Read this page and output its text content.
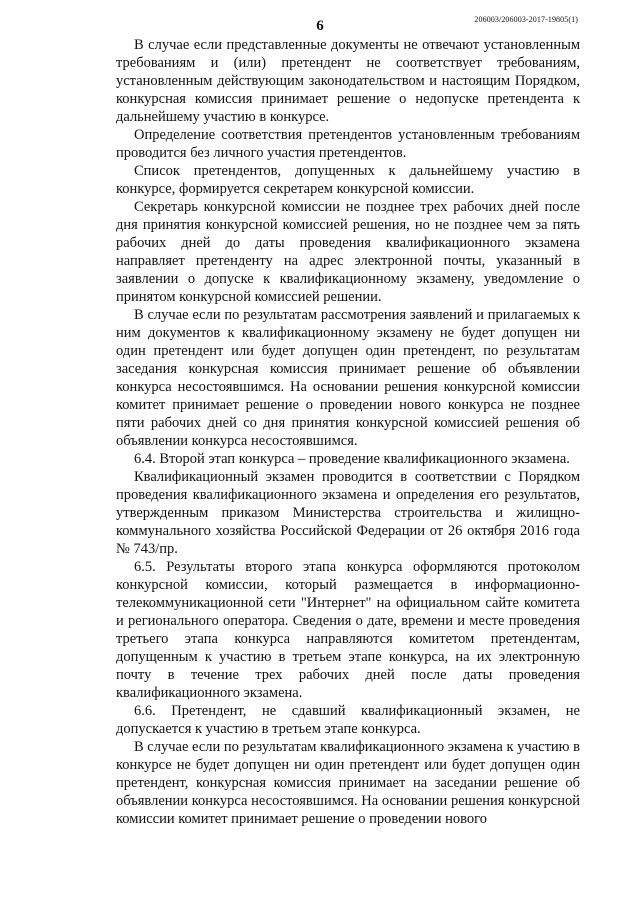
6	206003/206003-2017-19805(1)

В случае если представленные документы не отвечают установленным требованиям и (или) претендент не соответствует требованиям, установленным действующим законодательством и настоящим Порядком, конкурсная комиссия принимает решение о недопуске претендента к дальнейшему участию в конкурсе.

Определение соответствия претендентов установленным требованиям проводится без личного участия претендентов.

Список претендентов, допущенных к дальнейшему участию в конкурсе, формируется секретарем конкурсной комиссии.

Секретарь конкурсной комиссии не позднее трех рабочих дней после дня принятия конкурсной комиссией решения, но не позднее чем за пять рабочих дней до даты проведения квалификационного экзамена направляет претенденту на адрес электронной почты, указанный в заявлении о допуске к квалификационному экзамену, уведомление о принятом конкурсной комиссией решении.

В случае если по результатам рассмотрения заявлений и прилагаемых к ним документов к квалификационному экзамену не будет допущен ни один претендент или будет допущен один претендент, по результатам заседания конкурсная комиссия принимает решение об объявлении конкурса несостоявшимся. На основании решения конкурсной комиссии комитет принимает решение о проведении нового конкурса не позднее пяти рабочих дней со дня принятия конкурсной комиссией решения об объявлении конкурса несостоявшимся.

6.4. Второй этап конкурса – проведение квалификационного экзамена.

Квалификационный экзамен проводится в соответствии с Порядком проведения квалификационного экзамена и определения его результатов, утвержденным приказом Министерства строительства и жилищно-коммунального хозяйства Российской Федерации от 26 октября 2016 года № 743/пр.

6.5. Результаты второго этапа конкурса оформляются протоколом конкурсной комиссии, который размещается в информационно-телекоммуникационной сети "Интернет" на официальном сайте комитета и регионального оператора. Сведения о дате, времени и месте проведения третьего этапа конкурса направляются комитетом претендентам, допущенным к участию в третьем этапе конкурса, на их электронную почту в течение трех рабочих дней после даты проведения квалификационного экзамена.

6.6. Претендент, не сдавший квалификационный экзамен, не допускается к участию в третьем этапе конкурса.

В случае если по результатам квалификационного экзамена к участию в конкурсе не будет допущен ни один претендент или будет допущен один претендент, конкурсная комиссия принимает на заседании решение об объявлении конкурса несостоявшимся. На основании решения конкурсной комиссии комитет принимает решение о проведении нового
